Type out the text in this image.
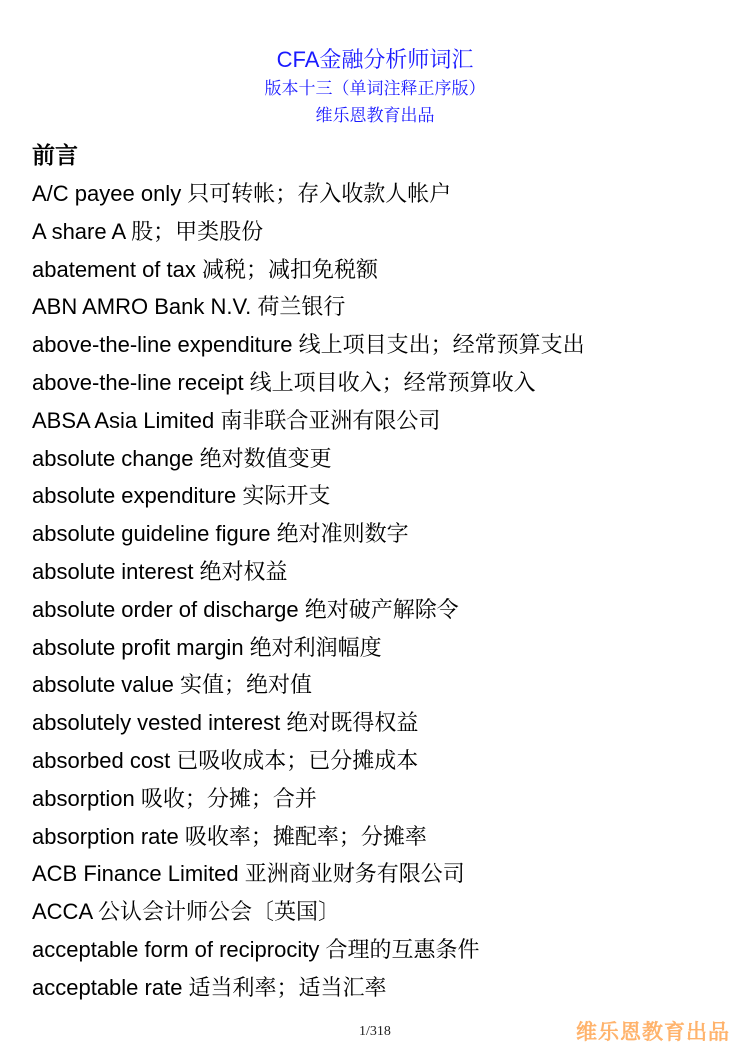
CFA金融分析师词汇

版本十三（单词注释正序版）

维乐恩教育出品

前言
A/C payee only 只可转帐；存入收款人帐户
A share A 股；甲类股份
abatement of tax 减税；减扣免税额
ABN AMRO Bank N.V. 荷兰银行
above-the-line expenditure 线上项目支出；经常预算支出
above-the-line receipt 线上项目收入；经常预算收入
ABSA Asia Limited 南非联合亚洲有限公司
absolute change 绝对数值变更
absolute expenditure 实际开支
absolute guideline figure 绝对准则数字
absolute interest 绝对权益
absolute order of discharge 绝对破产解除令
absolute profit margin 绝对利润幅度
absolute value 实值；绝对值
absolutely vested interest 绝对既得权益
absorbed cost 已吸收成本；已分摊成本
absorption 吸收；分摊；合并
absorption rate 吸收率；摊配率；分摊率
ACB Finance Limited 亚洲商业财务有限公司
ACCA 公认会计师公会〔英国〕
acceptable form of reciprocity 合理的互惠条件
acceptable rate 适当利率；适当汇率
1/318	维乐恩教育出品
